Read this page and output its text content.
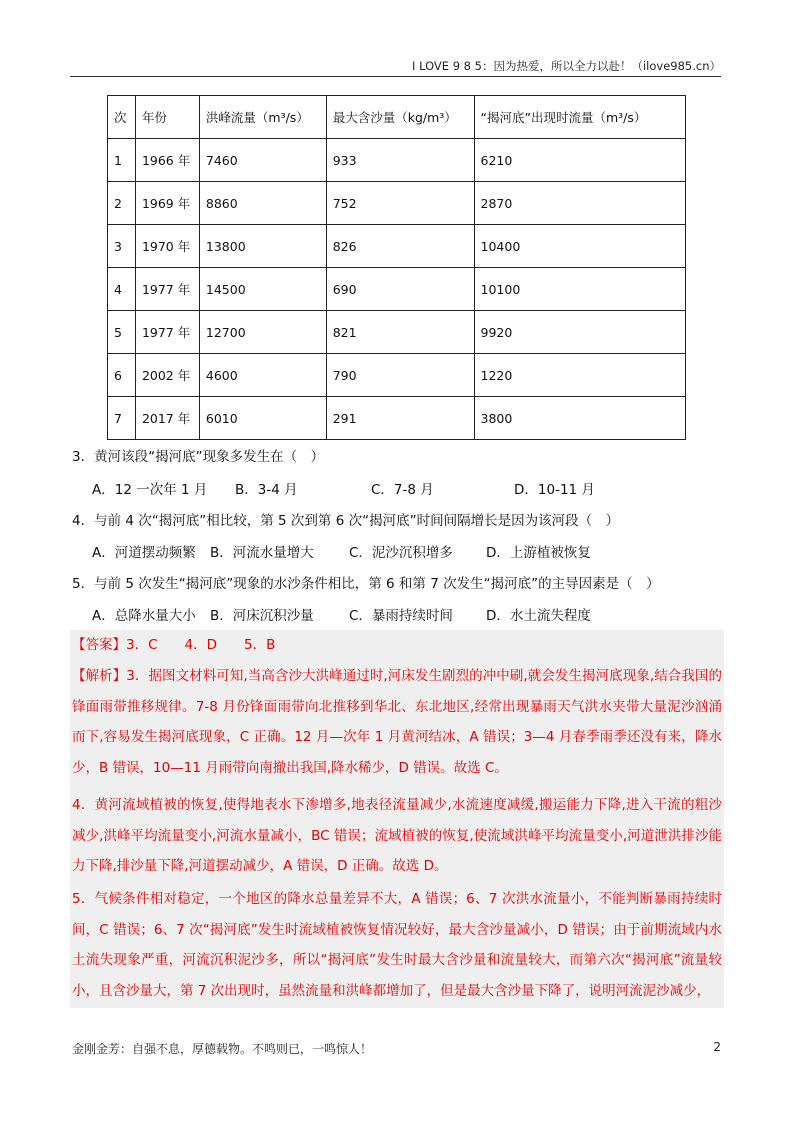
I LOVE 9 8 5：因为热爱，所以全力以赴！（ilove985.cn）
次	年份	洪峰流量（m³/s）	最大含沙量（kg/m³）	“揭河底”出现时流量（m³/s）
1	1966 年	7460	933	6210
2	1969 年	8860	752	2870
3	1970 年	13800	826	10400
4	1977 年	14500	690	10100
5	1977 年	12700	821	9920
6	2002 年	4600	790	1220
7	2017 年	6010	291	3800
3．黄河该段“揭河底”现象多发生在（　）
A．12 一次年 1 月 B．3-4 月	C．7-8 月	D．10-11 月
4．与前 4 次“揭河底”相比较，第 5 次到第 6 次“揭河底”时间间隔增长是因为该河段（　）
A．河道摆动频繁 B．河流水量增大	C．泥沙沉积增多 D．上游植被恢复
5．与前 5 次发生“揭河底”现象的水沙条件相比，第 6 和第 7 次发生“揭河底”的主导因素是（　）
A．总降水量大小 B．河床沉积沙量	C．暴雨持续时间 D．水土流失程度
【答案】3．C　　4．D　　5．B
【解析】3．据图文材料可知,当高含沙大洪峰通过时,河床发生剧烈的冲中刷,就会发生揭河底现象,结合我国的锋面雨带推移规律。7-8 月份锋面雨带向北推移到华北、东北地区,经常出现暴雨天气洪水夹带大量泥沙汹涌而下,容易发生揭河底现象，C 正确。12 月—次年 1 月黄河结冰，A 错误；3—4 月春季雨季还没有来，降水少，B 错误，10—11 月雨带向南撤出我国,降水稀少，D 错误。故选 C。
4．黄河流域植被的恢复,使得地表水下渗增多,地表径流量减少,水流速度减缓,搬运能力下降,进入干流的粗沙减少,洪峰平均流量变小,河流水量减小，BC 错误；流域植被的恢复,使流域洪峰平均流量变小,河道泄洪排沙能力下降,排沙量下降,河道摆动减少，A 错误，D 正确。故选 D。
5．气候条件相对稳定，一个地区的降水总量差异不大，A 错误；6、7 次洪水流量小，不能判断暴雨持续时间，C 错误；6、7 次“揭河底”发生时流域植被恢复情况较好，最大含沙量减小，D 错误；由于前期流域内水土流失现象严重，河流沉积泥沙多，所以“揭河底”发生时最大含沙量和流量较大，而第六次“揭河底”流量较小，且含沙量大，第 7 次出现时，虽然流量和洪峰都增加了，但是最大含沙量下降了，说明河流泥沙减少，
金刚金芳：自强不息，厚德载物。不鸣则已，一鸣惊人！	2
